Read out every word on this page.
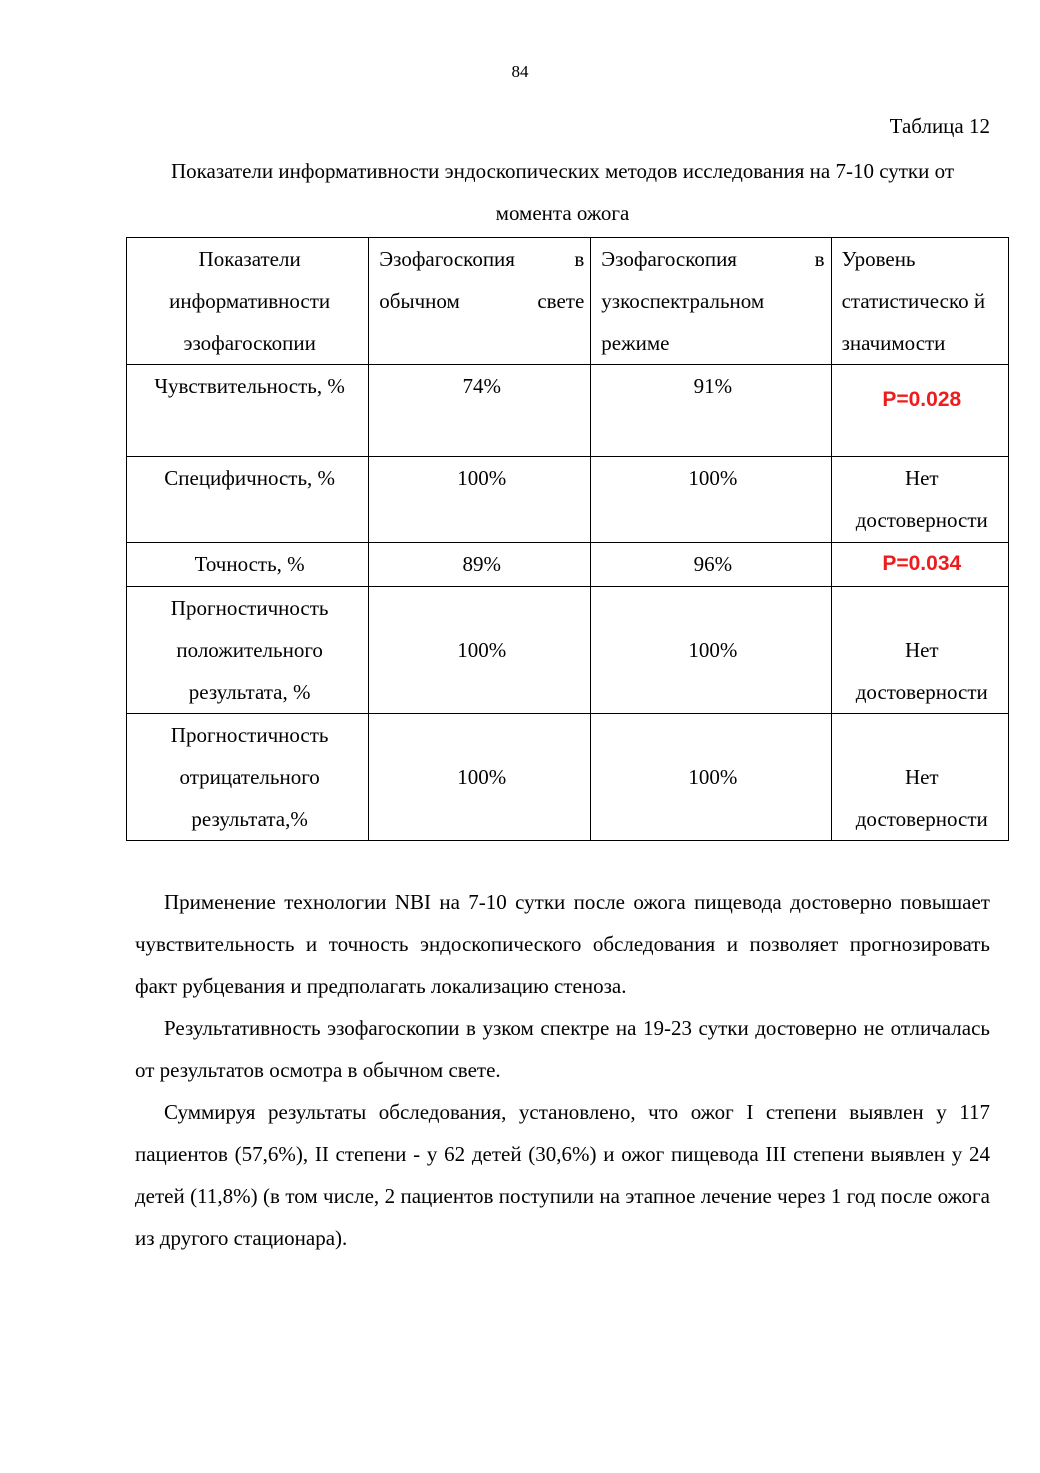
84
Таблица 12
Показатели информативности эндоскопических методов исследования на 7-10 сутки от момента ожога
Показатели информативности эзофагоскопии	Эзофагоскопия в обычном свете	Эзофагоскопия в узкоспектральном режиме	Уровень статистическо й значимости
Чувствительность, %	74%	91%	P=0.028
Специфичность, %	100%	100%	Нет достоверности
Точность, %	89%	96%	P=0.034
Прогностичность положительного результата, %	100%	100%	Нет достоверности
Прогностичность отрицательного результата,%	100%	100%	Нет достоверности

Применение технологии NBI на 7-10 сутки после ожога пищевода достоверно повышает чувствительность и точность эндоскопического обследования и позволяет прогнозировать факт рубцевания и предполагать локализацию стеноза.

Результативность эзофагоскопии в узком спектре на 19-23 сутки достоверно не отличалась от результатов осмотра в обычном свете.

Суммируя результаты обследования, установлено, что ожог I степени выявлен у 117 пациентов (57,6%), II степени - у 62 детей (30,6%) и ожог пищевода III степени выявлен у 24 детей (11,8%) (в том числе, 2 пациентов поступили на этапное лечение через 1 год после ожога из другого стационара).
